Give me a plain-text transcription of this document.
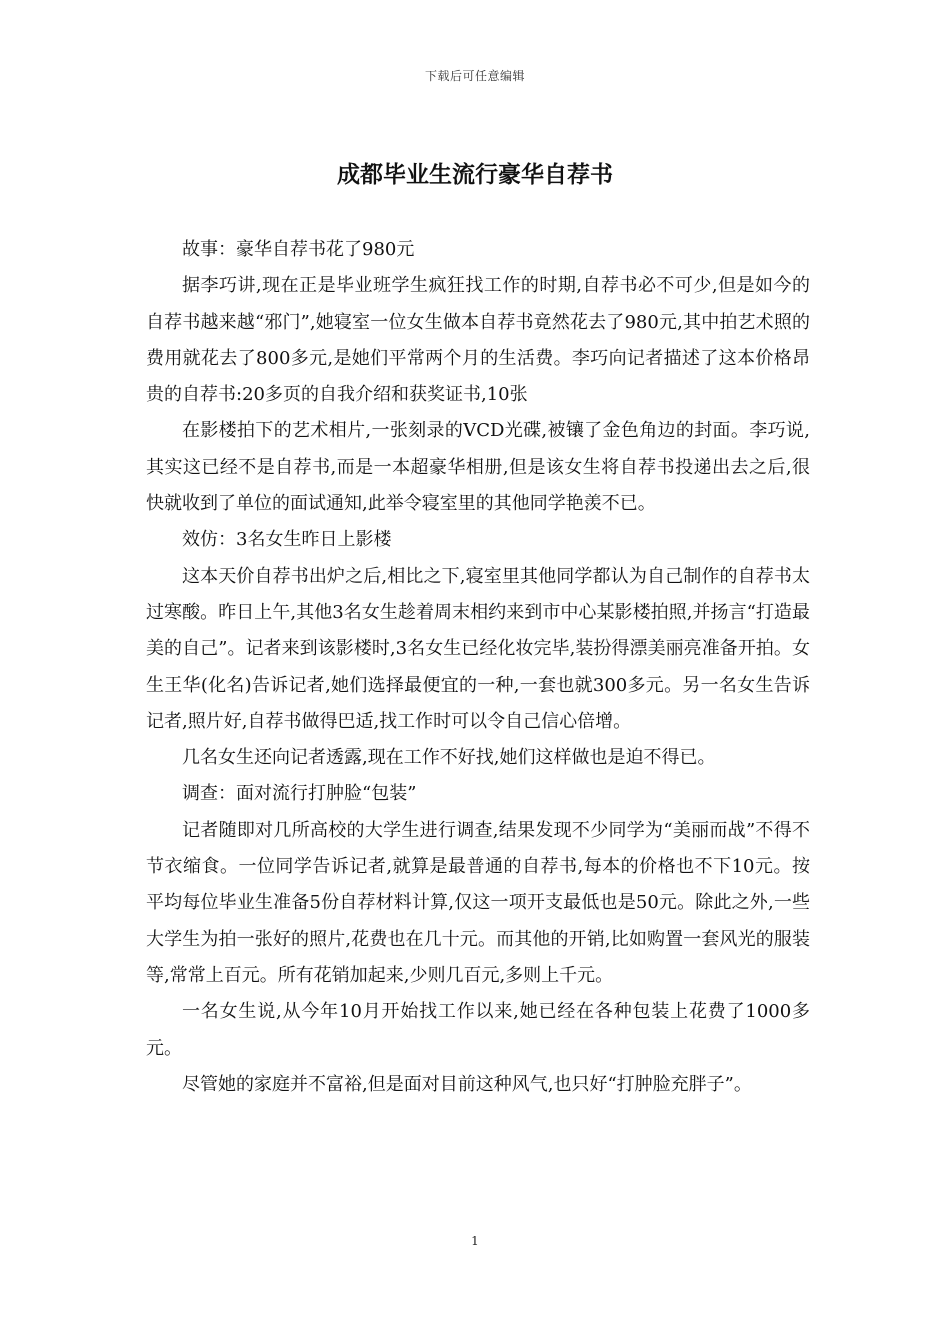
下载后可任意编辑
成都毕业生流行豪华自荐书

故事：豪华自荐书花了980元

据李巧讲,现在正是毕业班学生疯狂找工作的时期,自荐书必不可少,但是如今的自荐书越来越“邪门”,她寝室一位女生做本自荐书竟然花去了980元,其中拍艺术照的费用就花去了800多元,是她们平常两个月的生活费。李巧向记者描述了这本价格昂贵的自荐书:20多页的自我介绍和获奖证书,10张

在影楼拍下的艺术相片,一张刻录的VCD光碟,被镶了金色角边的封面。李巧说,其实这已经不是自荐书,而是一本超豪华相册,但是该女生将自荐书投递出去之后,很快就收到了单位的面试通知,此举令寝室里的其他同学艳羡不已。

效仿：3名女生昨日上影楼

这本天价自荐书出炉之后,相比之下,寝室里其他同学都认为自己制作的自荐书太过寒酸。昨日上午,其他3名女生趁着周末相约来到市中心某影楼拍照,并扬言“打造最美的自己”。记者来到该影楼时,3名女生已经化妆完毕,装扮得漂美丽亮准备开拍。女生王华(化名)告诉记者,她们选择最便宜的一种,一套也就300多元。另一名女生告诉记者,照片好,自荐书做得巴适,找工作时可以令自己信心倍增。

几名女生还向记者透露,现在工作不好找,她们这样做也是迫不得已。

调查：面对流行打肿脸“包装”

记者随即对几所高校的大学生进行调查,结果发现不少同学为“美丽而战”不得不节衣缩食。一位同学告诉记者,就算是最普通的自荐书,每本的价格也不下10元。按平均每位毕业生准备5份自荐材料计算,仅这一项开支最低也是50元。除此之外,一些大学生为拍一张好的照片,花费也在几十元。而其他的开销,比如购置一套风光的服装等,常常上百元。所有花销加起来,少则几百元,多则上千元。

一名女生说,从今年10月开始找工作以来,她已经在各种包装上花费了1000多元。

尽管她的家庭并不富裕,但是面对目前这种风气,也只好“打肿脸充胖子”。

1
